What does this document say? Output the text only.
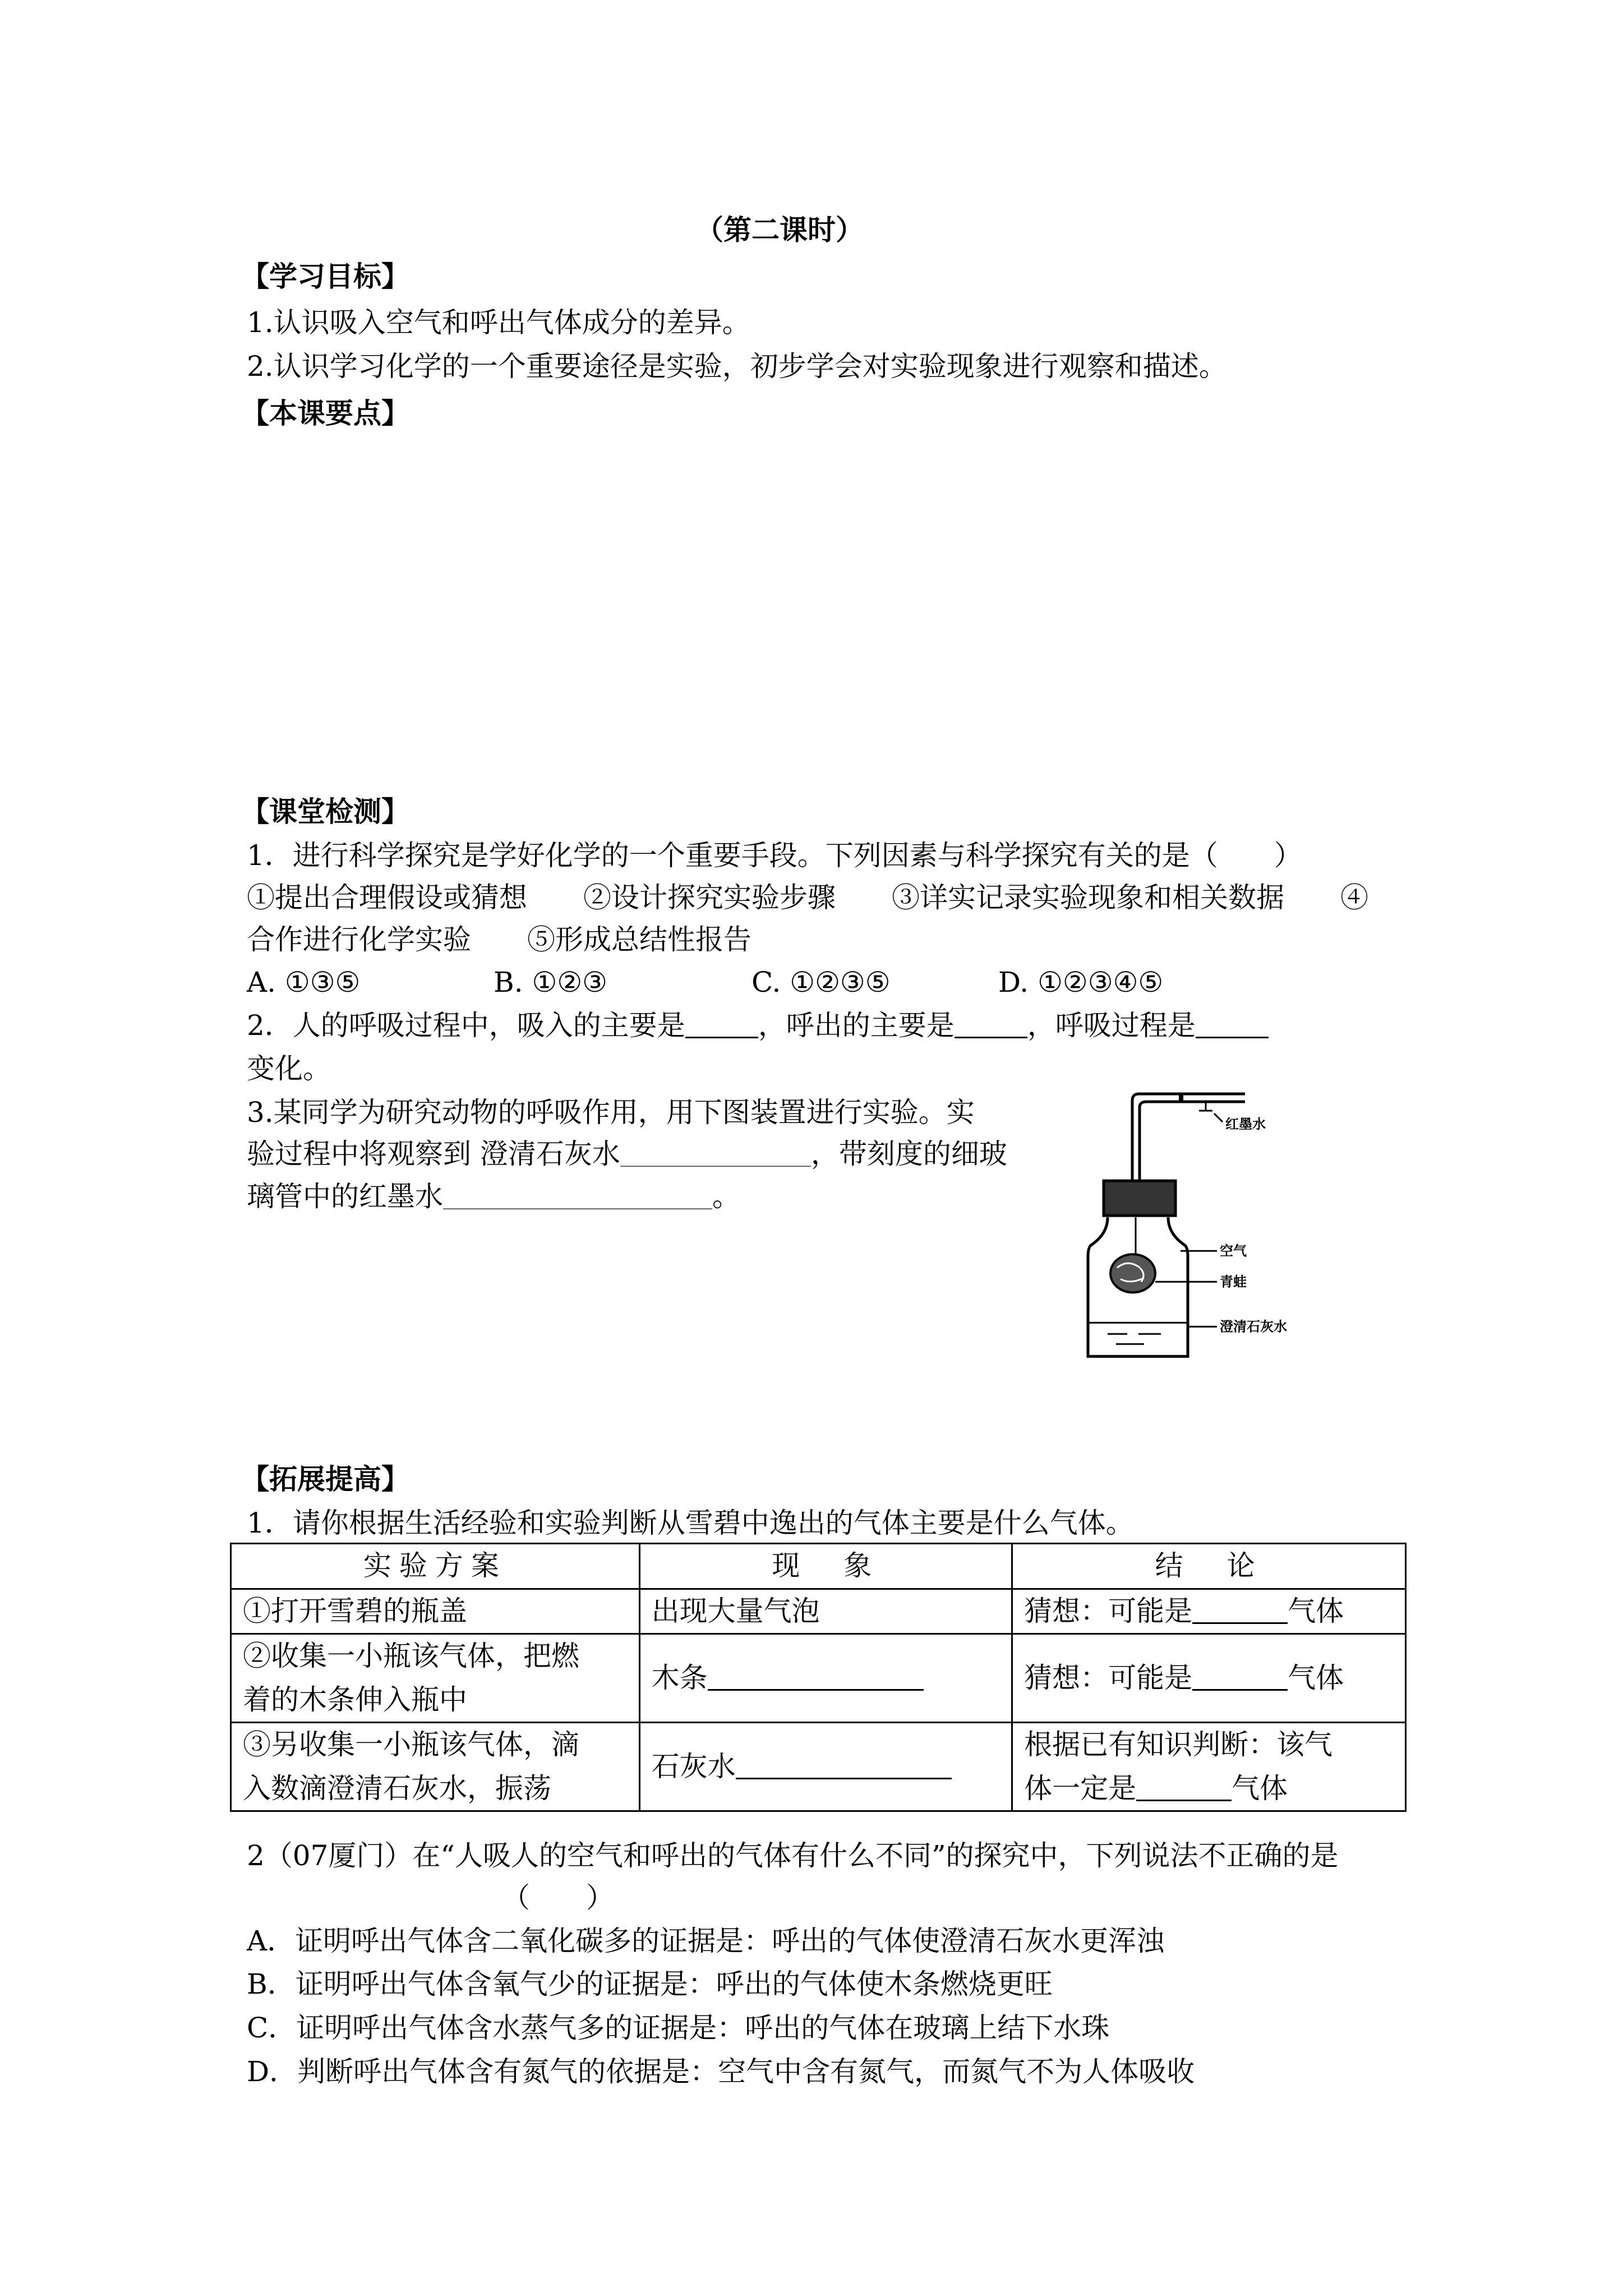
（第二课时）
【学习目标】
1.认识吸入空气和呼出气体成分的差异。
2.认识学习化学的一个重要途径是实验，初步学会对实验现象进行观察和描述。
【本课要点】
【课堂检测】
1．进行科学探究是学好化学的一个重要手段。下列因素与科学探究有关的是（　　）
①提出合理假设或猜想　　②设计探究实验步骤　　③详实记录实验现象和相关数据　　④
合作进行化学实验　　⑤形成总结性报告
A. ①③⑤	B. ①②③	C. ①②③⑤	D. ①②③④⑤
2．人的呼吸过程中，吸入的主要是	，呼出的主要是	，呼吸过程是
变化。
3.某同学为研究动物的呼吸作用，用下图装置进行实验。实
验过程中将观察到 澄清石灰水	，带刻度的细玻
璃管中的红墨水	。
红墨水
空气
青蛙
澄清石灰水
【拓展提高】
1．请你根据生活经验和实验判断从雪碧中逸出的气体主要是什么气体。
实验方案	现　象	结　论
①打开雪碧的瓶盖	出现大量气泡	猜想：可能是 气体
②收集一小瓶该气体，把燃
着的木条伸入瓶中	木条	猜想：可能是 气体
③另收集一小瓶该气体，滴
入数滴澄清石灰水，振荡	石灰水	根据已有知识判断：该气
体一定是 气体
2（07厦门）在“人吸人的空气和呼出的气体有什么不同”的探究中，下列说法不正确的是
（　　）
A．证明呼出气体含二氧化碳多的证据是：呼出的气体使澄清石灰水更浑浊
B．证明呼出气体含氧气少的证据是：呼出的气体使木条燃烧更旺
C．证明呼出气体含水蒸气多的证据是：呼出的气体在玻璃上结下水珠
D．判断呼出气体含有氮气的依据是：空气中含有氮气，而氮气不为人体吸收
